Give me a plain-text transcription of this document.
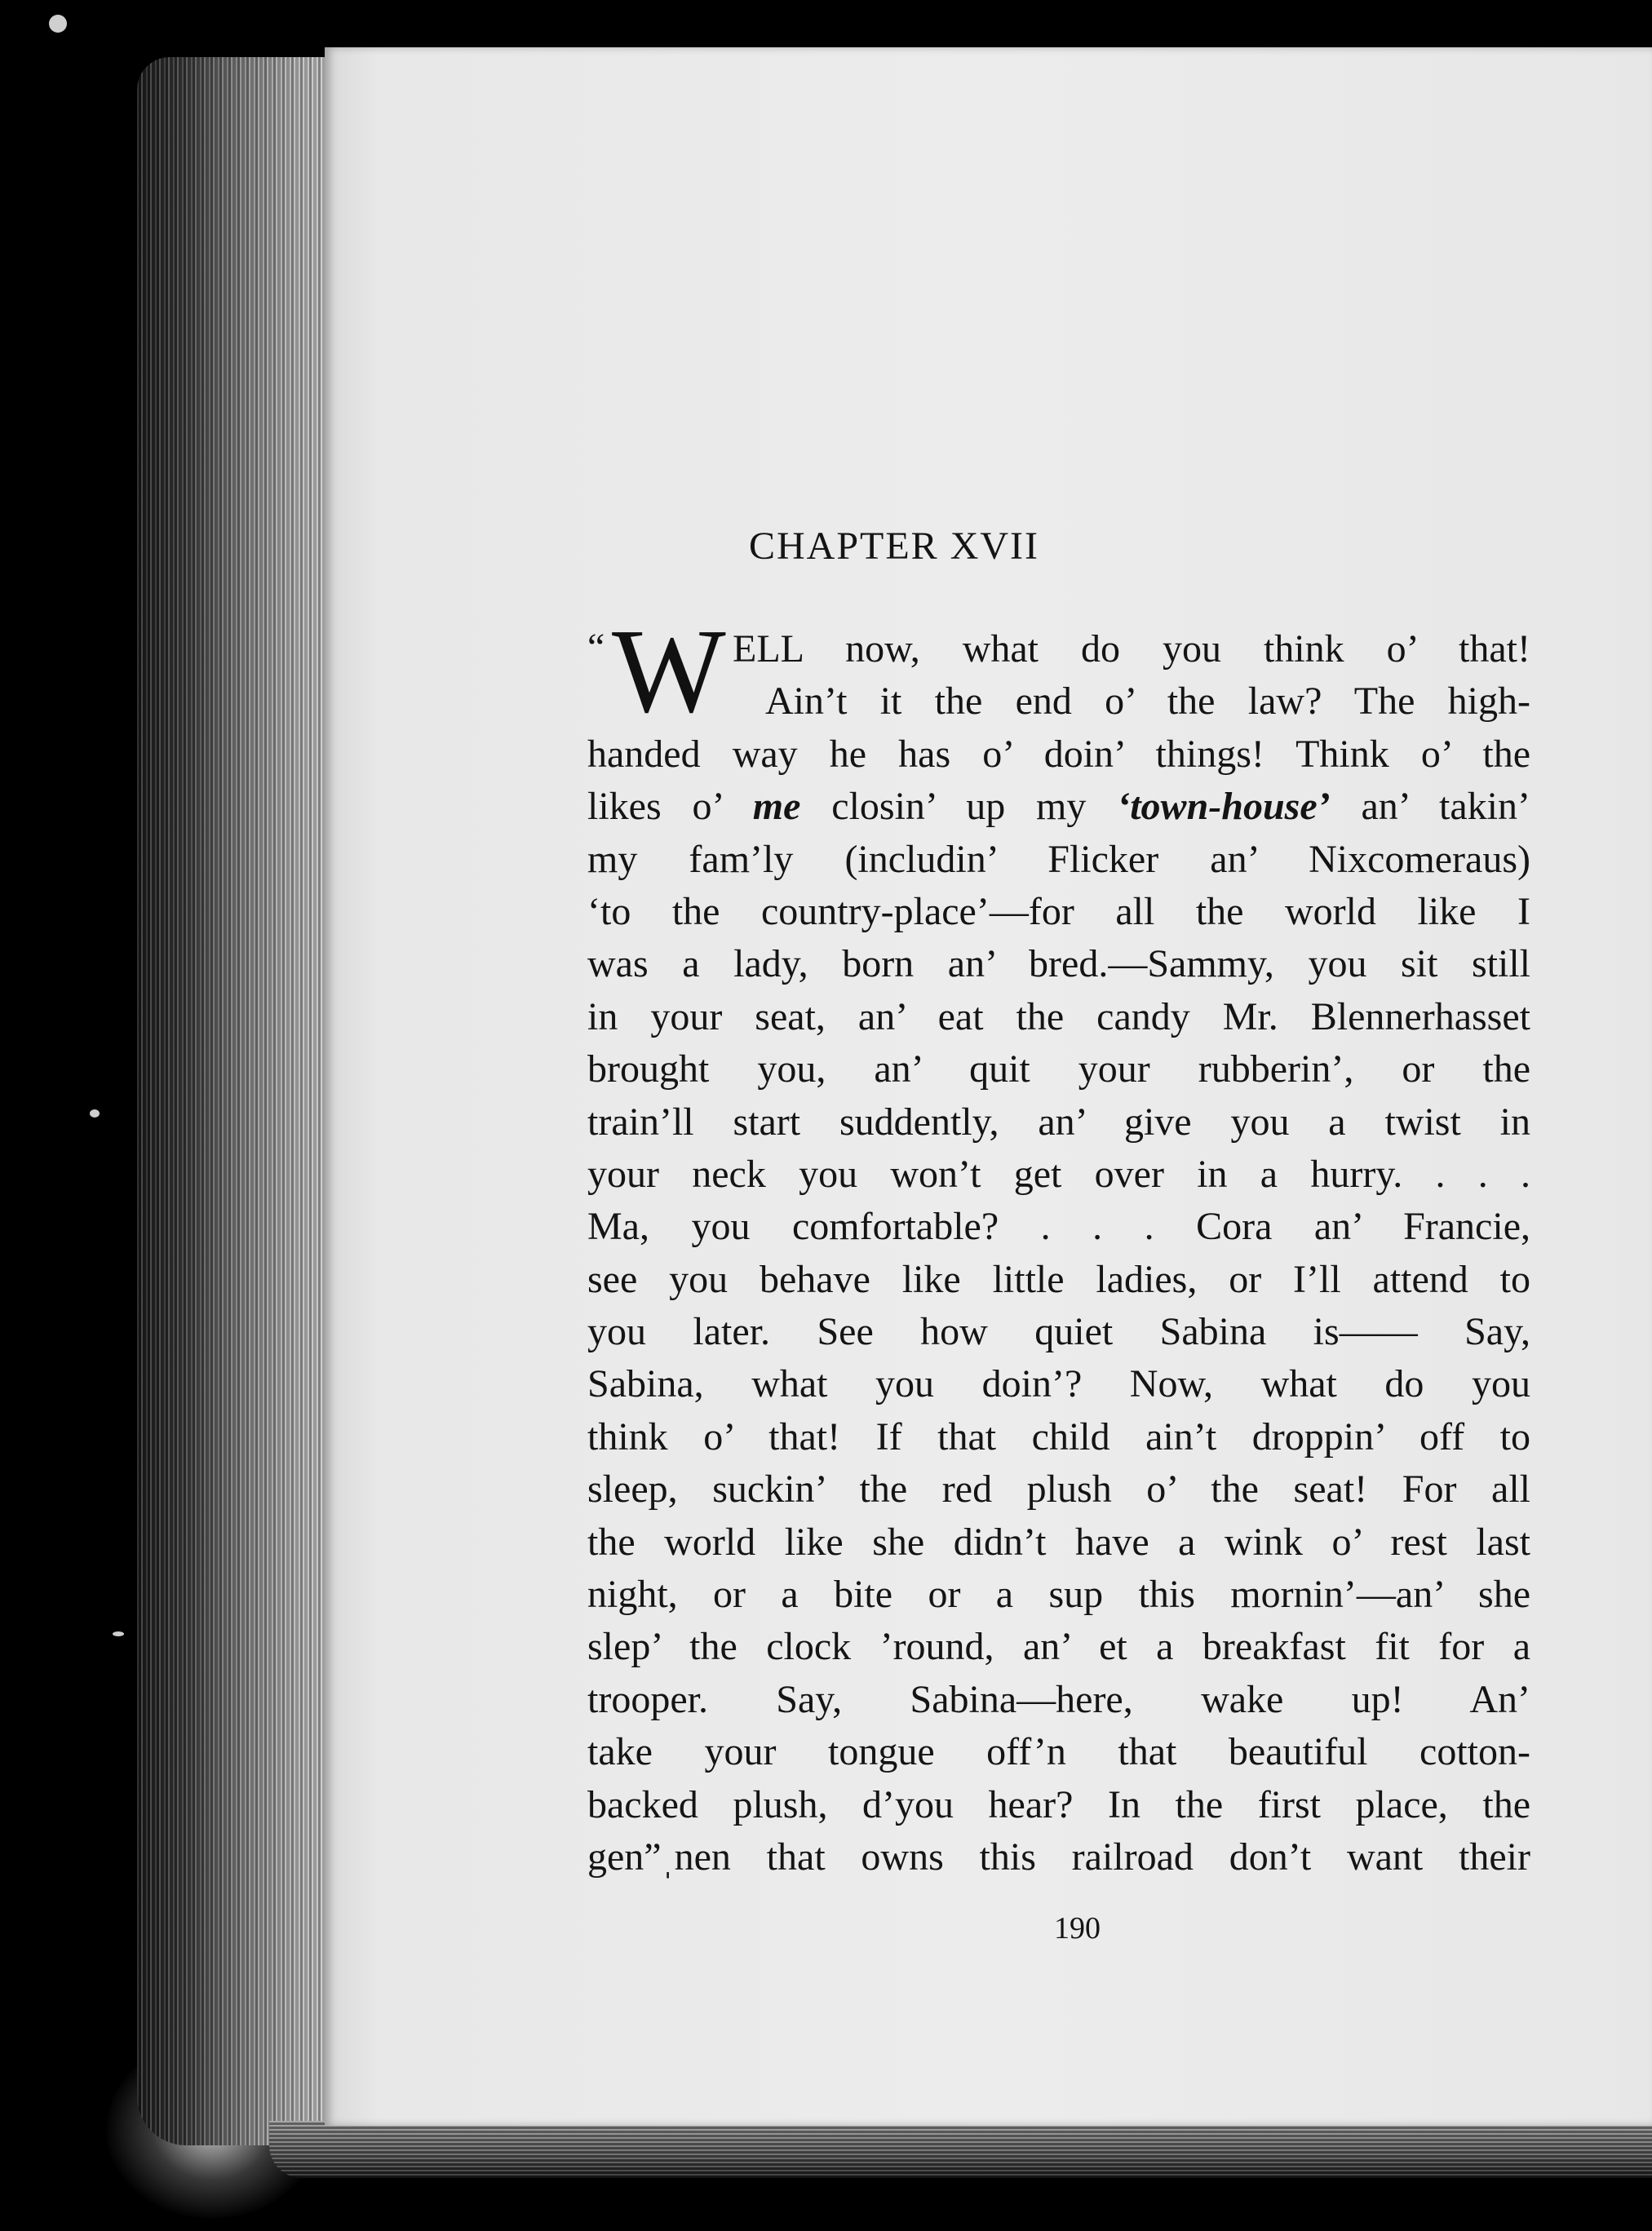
CHAPTER XVII
“ W ELL now, what do you think o’ that!
Ain’t it the end o’ the law? The high-
handed way he has o’ doin’ things! Think o’ the
likes o’ me closin’ up my ‘town-house’ an’ takin’
my fam’ly (includin’ Flicker an’ Nixcomeraus)
‘to the country-place’—for all the world like I
was a lady, born an’ bred.—Sammy, you sit still
in your seat, an’ eat the candy Mr. Blennerhasset
brought you, an’ quit your rubberin’, or the
train’ll start suddently, an’ give you a twist in
your neck you won’t get over in a hurry. . . .
Ma, you comfortable? . . . Cora an’ Francie,
see you behave like little ladies, or I’ll attend to
you later. See how quiet Sabina is—— Say,
Sabina, what you doin’? Now, what do you
think o’ that! If that child ain’t droppin’ off to
sleep, suckin’ the red plush o’ the seat! For all
the world like she didn’t have a wink o’ rest last
night, or a bite or a sup this mornin’—an’ she
slep’ the clock ’round, an’ et a breakfast fit for a
trooper. Say, Sabina—here, wake up! An’
take your tongue off’n that beautiful cotton-
backed plush, d’you hear? In the first place, the
gen”ˌnen that owns this railroad don’t want their
190
